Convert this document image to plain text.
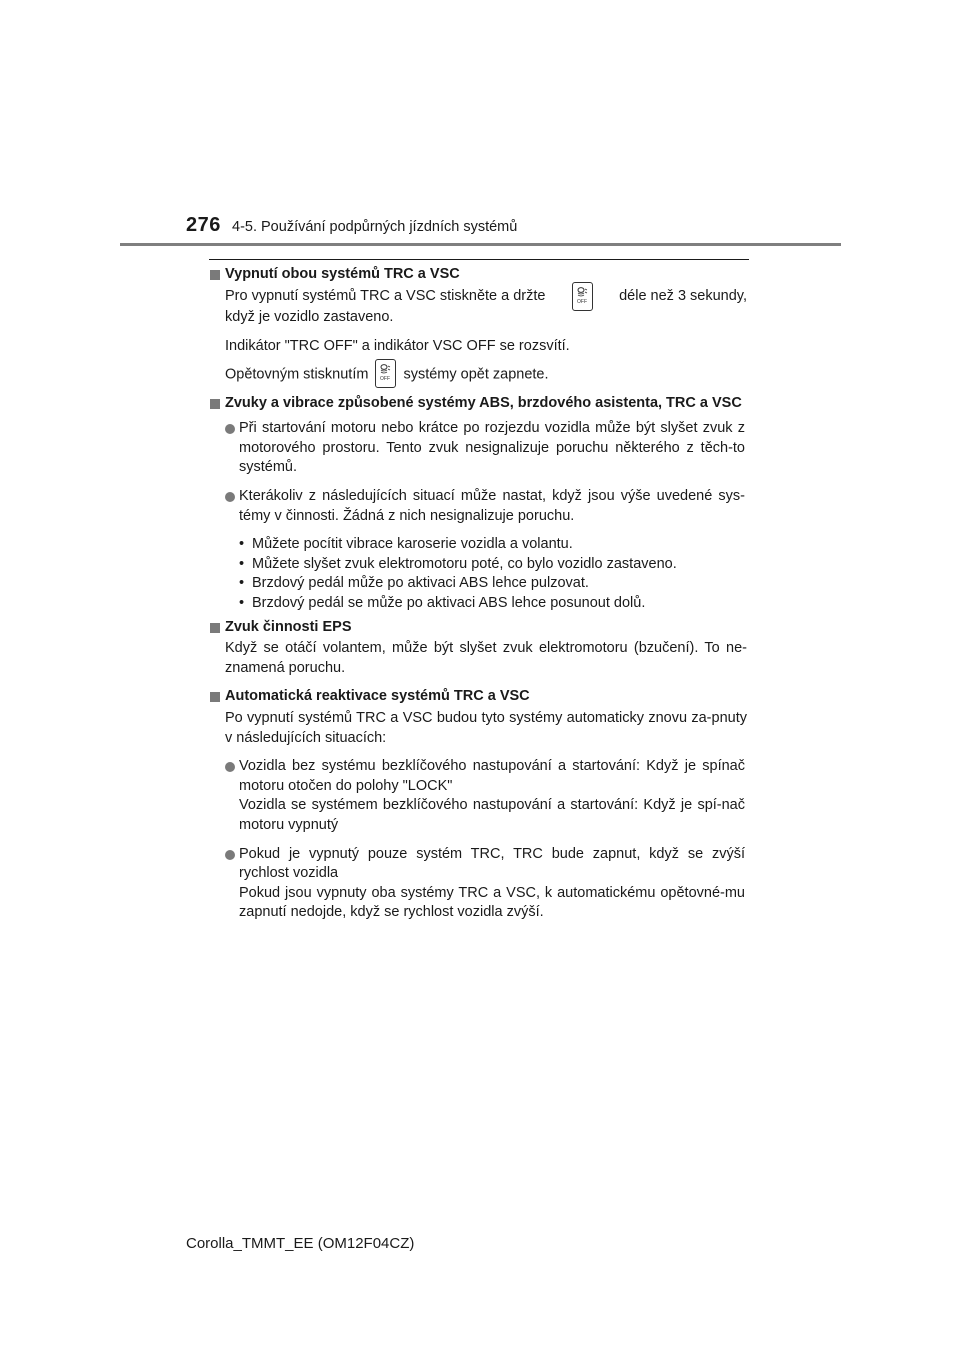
276 4-5. Používání podpůrných jízdních systémů
Vypnutí obou systémů TRC a VSC
Pro vypnutí systémů TRC a VSC stiskněte a držte	OFF déle než 3 sekundy,
když je vozidlo zastaveno.
Indikátor "TRC OFF" a indikátor VSC OFF se rozsvítí.
Opětovným stisknutím OFF systémy opět zapnete.
Zvuky a vibrace způsobené systémy ABS, brzdového asistenta, TRC a VSC
Při startování motoru nebo krátce po rozjezdu vozidla může být slyšet zvuk z motorového prostoru. Tento zvuk nesignalizuje poruchu některého z těch-to systémů.
Kterákoliv z následujících situací může nastat, když jsou výše uvedené sys-témy v činnosti. Žádná z nich nesignalizuje poruchu.
• Můžete pocítit vibrace karoserie vozidla a volantu.
• Můžete slyšet zvuk elektromotoru poté, co bylo vozidlo zastaveno.
• Brzdový pedál může po aktivaci ABS lehce pulzovat.
• Brzdový pedál se může po aktivaci ABS lehce posunout dolů.
Zvuk činnosti EPS
Když se otáčí volantem, může být slyšet zvuk elektromotoru (bzučení). To ne-znamená poruchu.
Automatická reaktivace systémů TRC a VSC
Po vypnutí systémů TRC a VSC budou tyto systémy automaticky znovu za-pnuty v následujících situacích:
Vozidla bez systému bezklíčového nastupování a startování: Když je spínač motoru otočen do polohy "LOCK"
Vozidla se systémem bezklíčového nastupování a startování: Když je spí-nač motoru vypnutý
Pokud je vypnutý pouze systém TRC, TRC bude zapnut, když se zvýší rychlost vozidla
Pokud jsou vypnuty oba systémy TRC a VSC, k automatickému opětovné-mu zapnutí nedojde, když se rychlost vozidla zvýší.
Corolla_TMMT_EE (OM12F04CZ)
